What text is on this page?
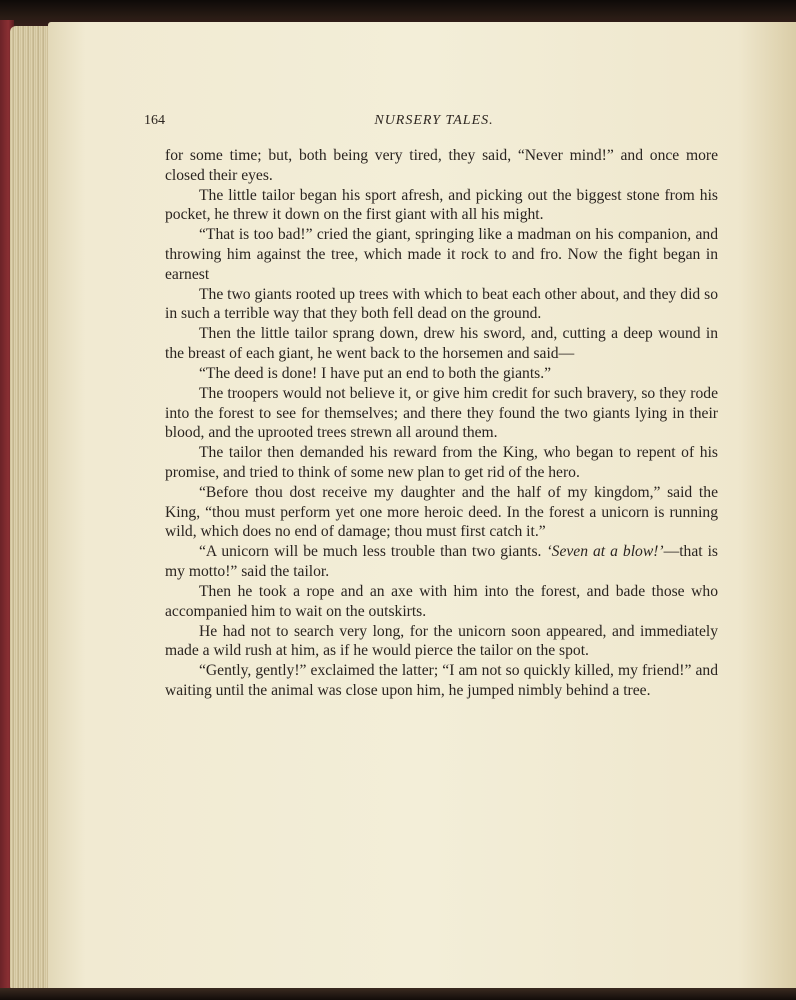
164	NURSERY TALES.

for some time; but, both being very tired, they said, “Never mind!” and once more closed their eyes.

The little tailor began his sport afresh, and picking out the biggest stone from his pocket, he threw it down on the first giant with all his might.

“That is too bad!” cried the giant, springing like a madman on his companion, and throwing him against the tree, which made it rock to and fro. Now the fight began in earnest

The two giants rooted up trees with which to beat each other about, and they did so in such a terrible way that they both fell dead on the ground.

Then the little tailor sprang down, drew his sword, and, cutting a deep wound in the breast of each giant, he went back to the horsemen and said—

“The deed is done! I have put an end to both the giants.”

The troopers would not believe it, or give him credit for such bravery, so they rode into the forest to see for themselves; and there they found the two giants lying in their blood, and the uprooted trees strewn all around them.

The tailor then demanded his reward from the King, who began to repent of his promise, and tried to think of some new plan to get rid of the hero.

“Before thou dost receive my daughter and the half of my kingdom,” said the King, “thou must perform yet one more heroic deed. In the forest a unicorn is running wild, which does no end of damage; thou must first catch it.”

“A unicorn will be much less trouble than two giants. ‘Seven at a blow!’—that is my motto!” said the tailor.

Then he took a rope and an axe with him into the forest, and bade those who accompanied him to wait on the outskirts.

He had not to search very long, for the unicorn soon appeared, and immediately made a wild rush at him, as if he would pierce the tailor on the spot.

“Gently, gently!” exclaimed the latter; “I am not so quickly killed, my friend!” and waiting until the animal was close upon him, he jumped nimbly behind a tree.
